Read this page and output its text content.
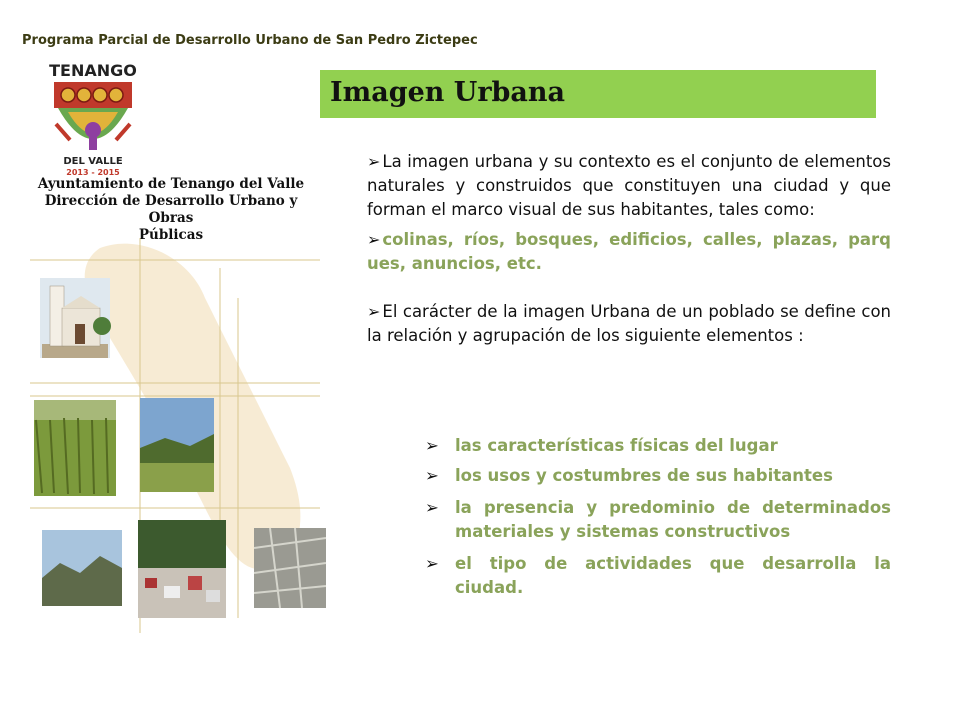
Programa Parcial de Desarrollo Urbano de San Pedro Zictepec
TENANGO
DEL VALLE
2013 - 2015
Ayuntamiento de Tenango del Valle
Dirección de Desarrollo Urbano y Obras
Públicas
Imagen Urbana

➢ La imagen urbana y su contexto es el conjunto de elementos naturales y construidos que constituyen una ciudad y que forman el marco visual de sus habitantes, tales como:

➢ colinas, ríos, bosques, edificios, calles, plazas, parq ues, anuncios, etc.

➢ El carácter de la imagen Urbana de un poblado se define con la relación y agrupación de los siguiente elementos :

➢ las características físicas del lugar
➢ los usos y costumbres de sus habitantes
➢ la presencia y predominio de determinados materiales y sistemas constructivos
➢ el tipo de actividades que desarrolla la ciudad.
